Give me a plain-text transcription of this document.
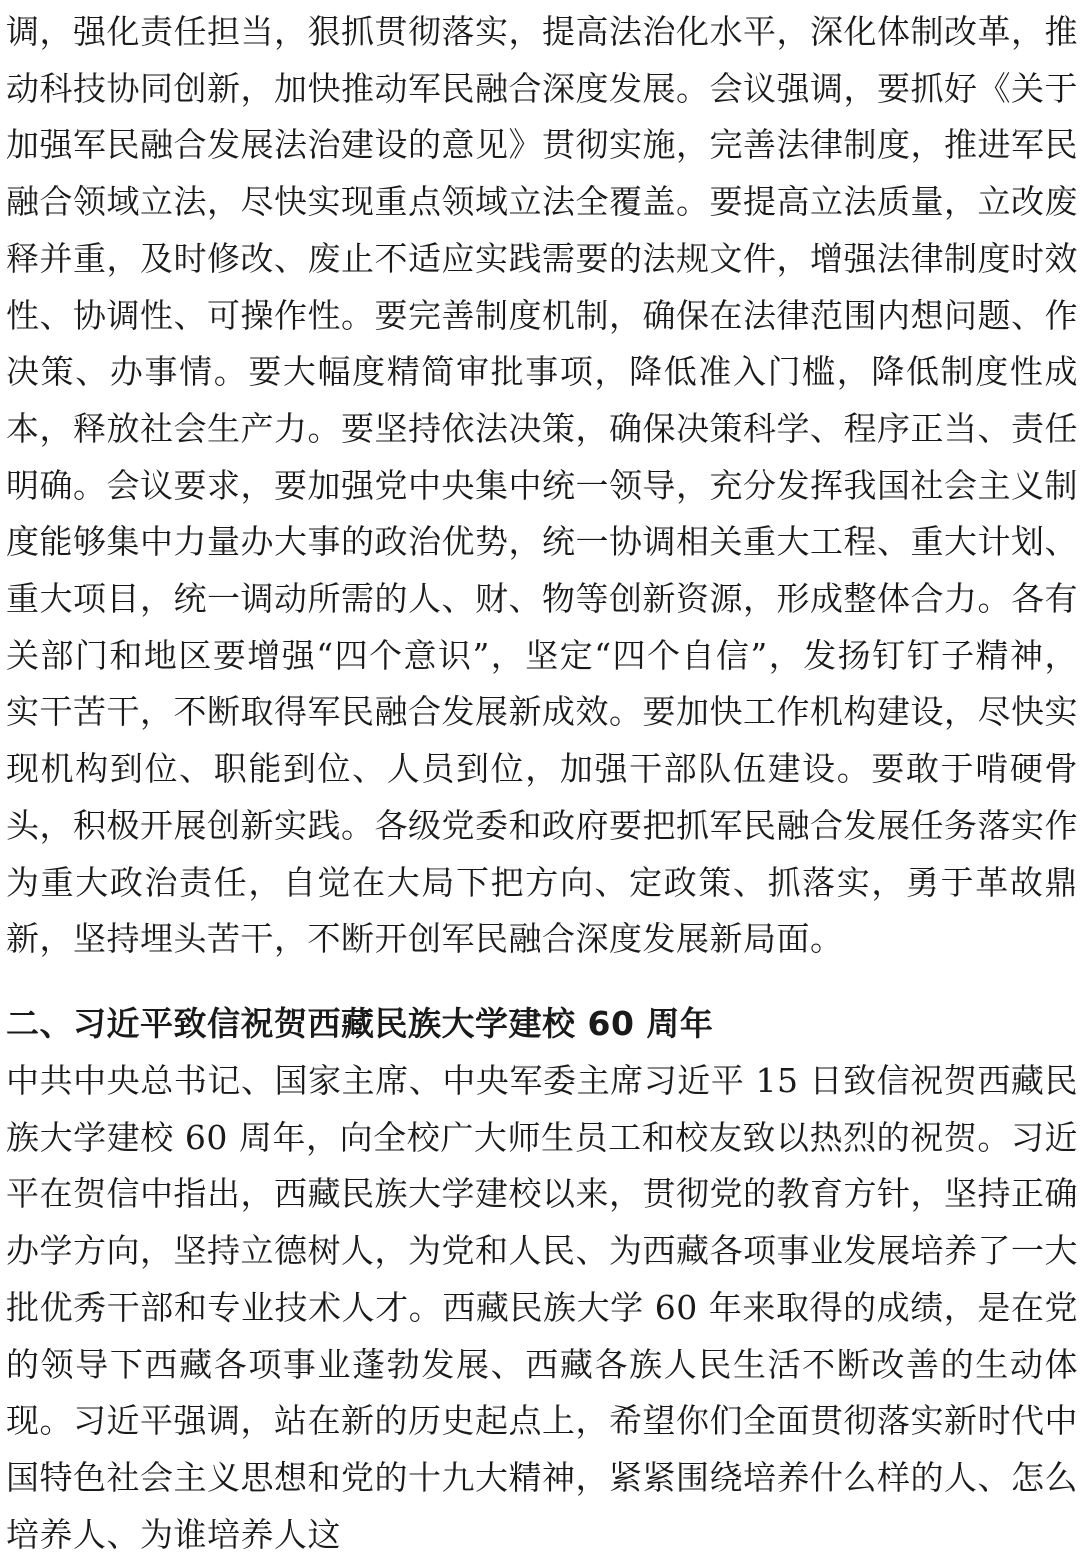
调，强化责任担当，狠抓贯彻落实，提高法治化水平，深化体制改革，推动科技协同创新，加快推动军民融合深度发展。会议强调，要抓好《关于加强军民融合发展法治建设的意见》贯彻实施，完善法律制度，推进军民融合领域立法，尽快实现重点领域立法全覆盖。要提高立法质量，立改废释并重，及时修改、废止不适应实践需要的法规文件，增强法律制度时效性、协调性、可操作性。要完善制度机制，确保在法律范围内想问题、作决策、办事情。要大幅度精简审批事项，降低准入门槛，降低制度性成本，释放社会生产力。要坚持依法决策，确保决策科学、程序正当、责任明确。会议要求，要加强党中央集中统一领导，充分发挥我国社会主义制度能够集中力量办大事的政治优势，统一协调相关重大工程、重大计划、重大项目，统一调动所需的人、财、物等创新资源，形成整体合力。各有关部门和地区要增强“四个意识”，坚定“四个自信”，发扬钉钉子精神，实干苦干，不断取得军民融合发展新成效。要加快工作机构建设，尽快实现机构到位、职能到位、人员到位，加强干部队伍建设。要敢于啃硬骨头，积极开展创新实践。各级党委和政府要把抓军民融合发展任务落实作为重大政治责任，自觉在大局下把方向、定政策、抓落实，勇于革故鼎新，坚持埋头苦干，不断开创军民融合深度发展新局面。

二、习近平致信祝贺西藏民族大学建校 60 周年

中共中央总书记、国家主席、中央军委主席习近平 15 日致信祝贺西藏民族大学建校 60 周年，向全校广大师生员工和校友致以热烈的祝贺。习近平在贺信中指出，西藏民族大学建校以来，贯彻党的教育方针，坚持正确办学方向，坚持立德树人，为党和人民、为西藏各项事业发展培养了一大批优秀干部和专业技术人才。西藏民族大学 60 年来取得的成绩，是在党的领导下西藏各项事业蓬勃发展、西藏各族人民生活不断改善的生动体现。习近平强调，站在新的历史起点上，希望你们全面贯彻落实新时代中国特色社会主义思想和党的十九大精神，紧紧围绕培养什么样的人、怎么培养人、为谁培养人这
